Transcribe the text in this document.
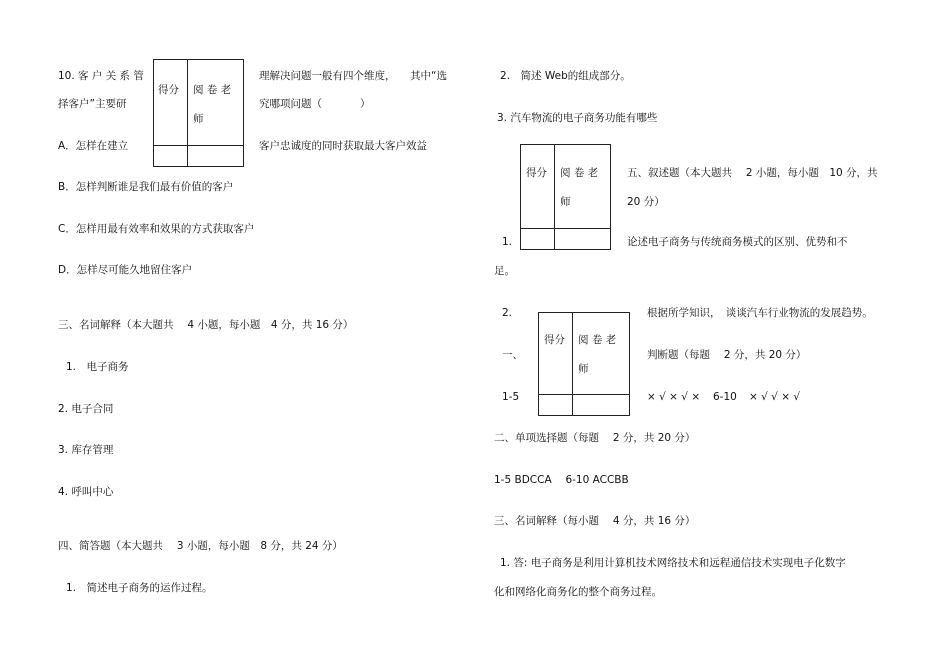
10. 客 户 关 系 管	理解决问题一般有四个维度， 其中“选
择客户”主要研	究哪项问题（	）
得分 阅 卷 老
师
A．怎样在建立	客户忠诚度的同时获取最大客户效益
B．怎样判断谁是我们最有价值的客户
C．怎样用最有效率和效果的方式获取客户
D．怎样尽可能久地留住客户
三、名词解释（本大题共　 4 小题，每小题　4 分，共 16 分）
1.　电子商务
2. 电子合同
3. 库存管理
4. 呼叫中心
四、简答题（本大题共　 3 小题，每小题　8 分，共 24 分）
1.　简述电子商务的运作过程。
2.　简述 Web的组成部分。
3. 汽车物流的电子商务功能有哪些
得分 阅 卷 老
师
五、叙述题（本大题共　 2 小题，每小题　10 分，共
20 分）
1.	论述电子商务与传统商务模式的区别、优势和不
足。
得分 阅 卷 老
师
2.	根据所学知识，　谈谈汽车行业物流的发展趋势。
一、	判断题（每题　 2 分，共 20 分）
1-5	× √ × √ × 6-10 × √ √ × √
二、单项选择题（每题　 2 分，共 20 分）
1-5 BDCCA　 6-10 ACCBB
三、名词解释（每小题　 4 分，共 16 分）
1. 答: 电子商务是利用计算机技术网络技术和远程通信技术实现电子化数字
化和网络化商务化的整个商务过程。
